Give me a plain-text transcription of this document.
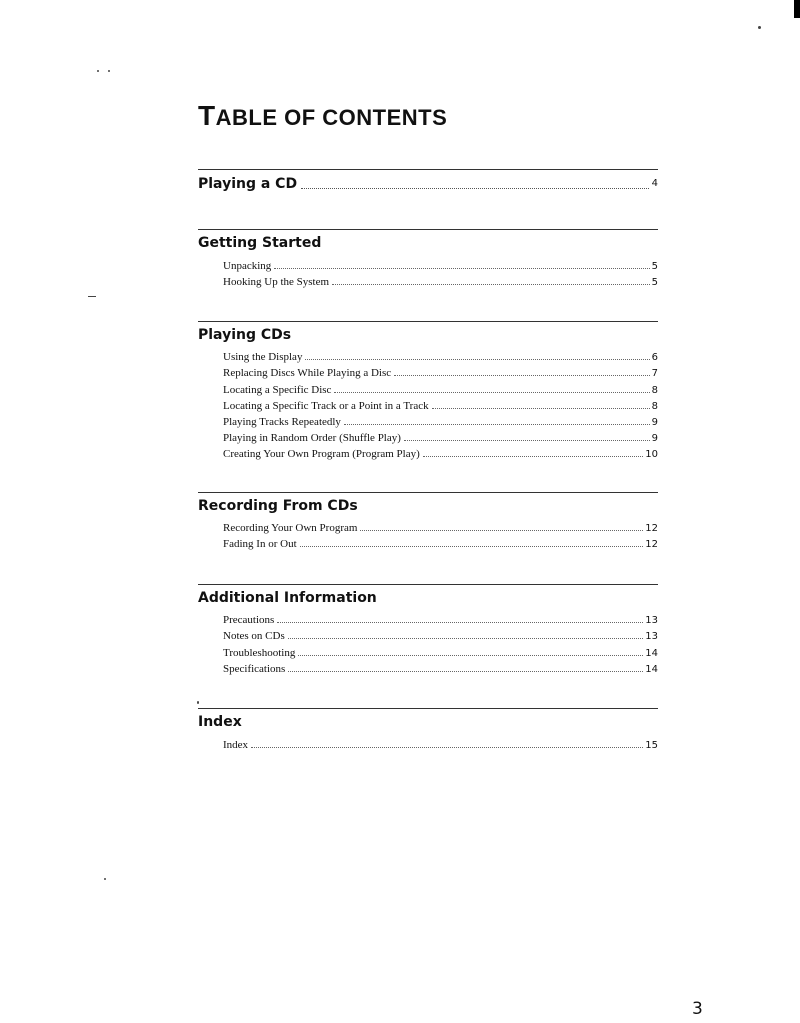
TABLE OF CONTENTS
Playing a CD	4
Getting Started
Unpacking	5
Hooking Up the System	5
Playing CDs
Using the Display	6
Replacing Discs While Playing a Disc	7
Locating a Specific Disc	8
Locating a Specific Track or a Point in a Track	8
Playing Tracks Repeatedly	9
Playing in Random Order (Shuffle Play)	9
Creating Your Own Program (Program Play)	10
Recording From CDs
Recording Your Own Program	12
Fading In or Out	12
Additional Information
Precautions	13
Notes on CDs	13
Troubleshooting	14
Specifications	14
Index
Index	15
3
